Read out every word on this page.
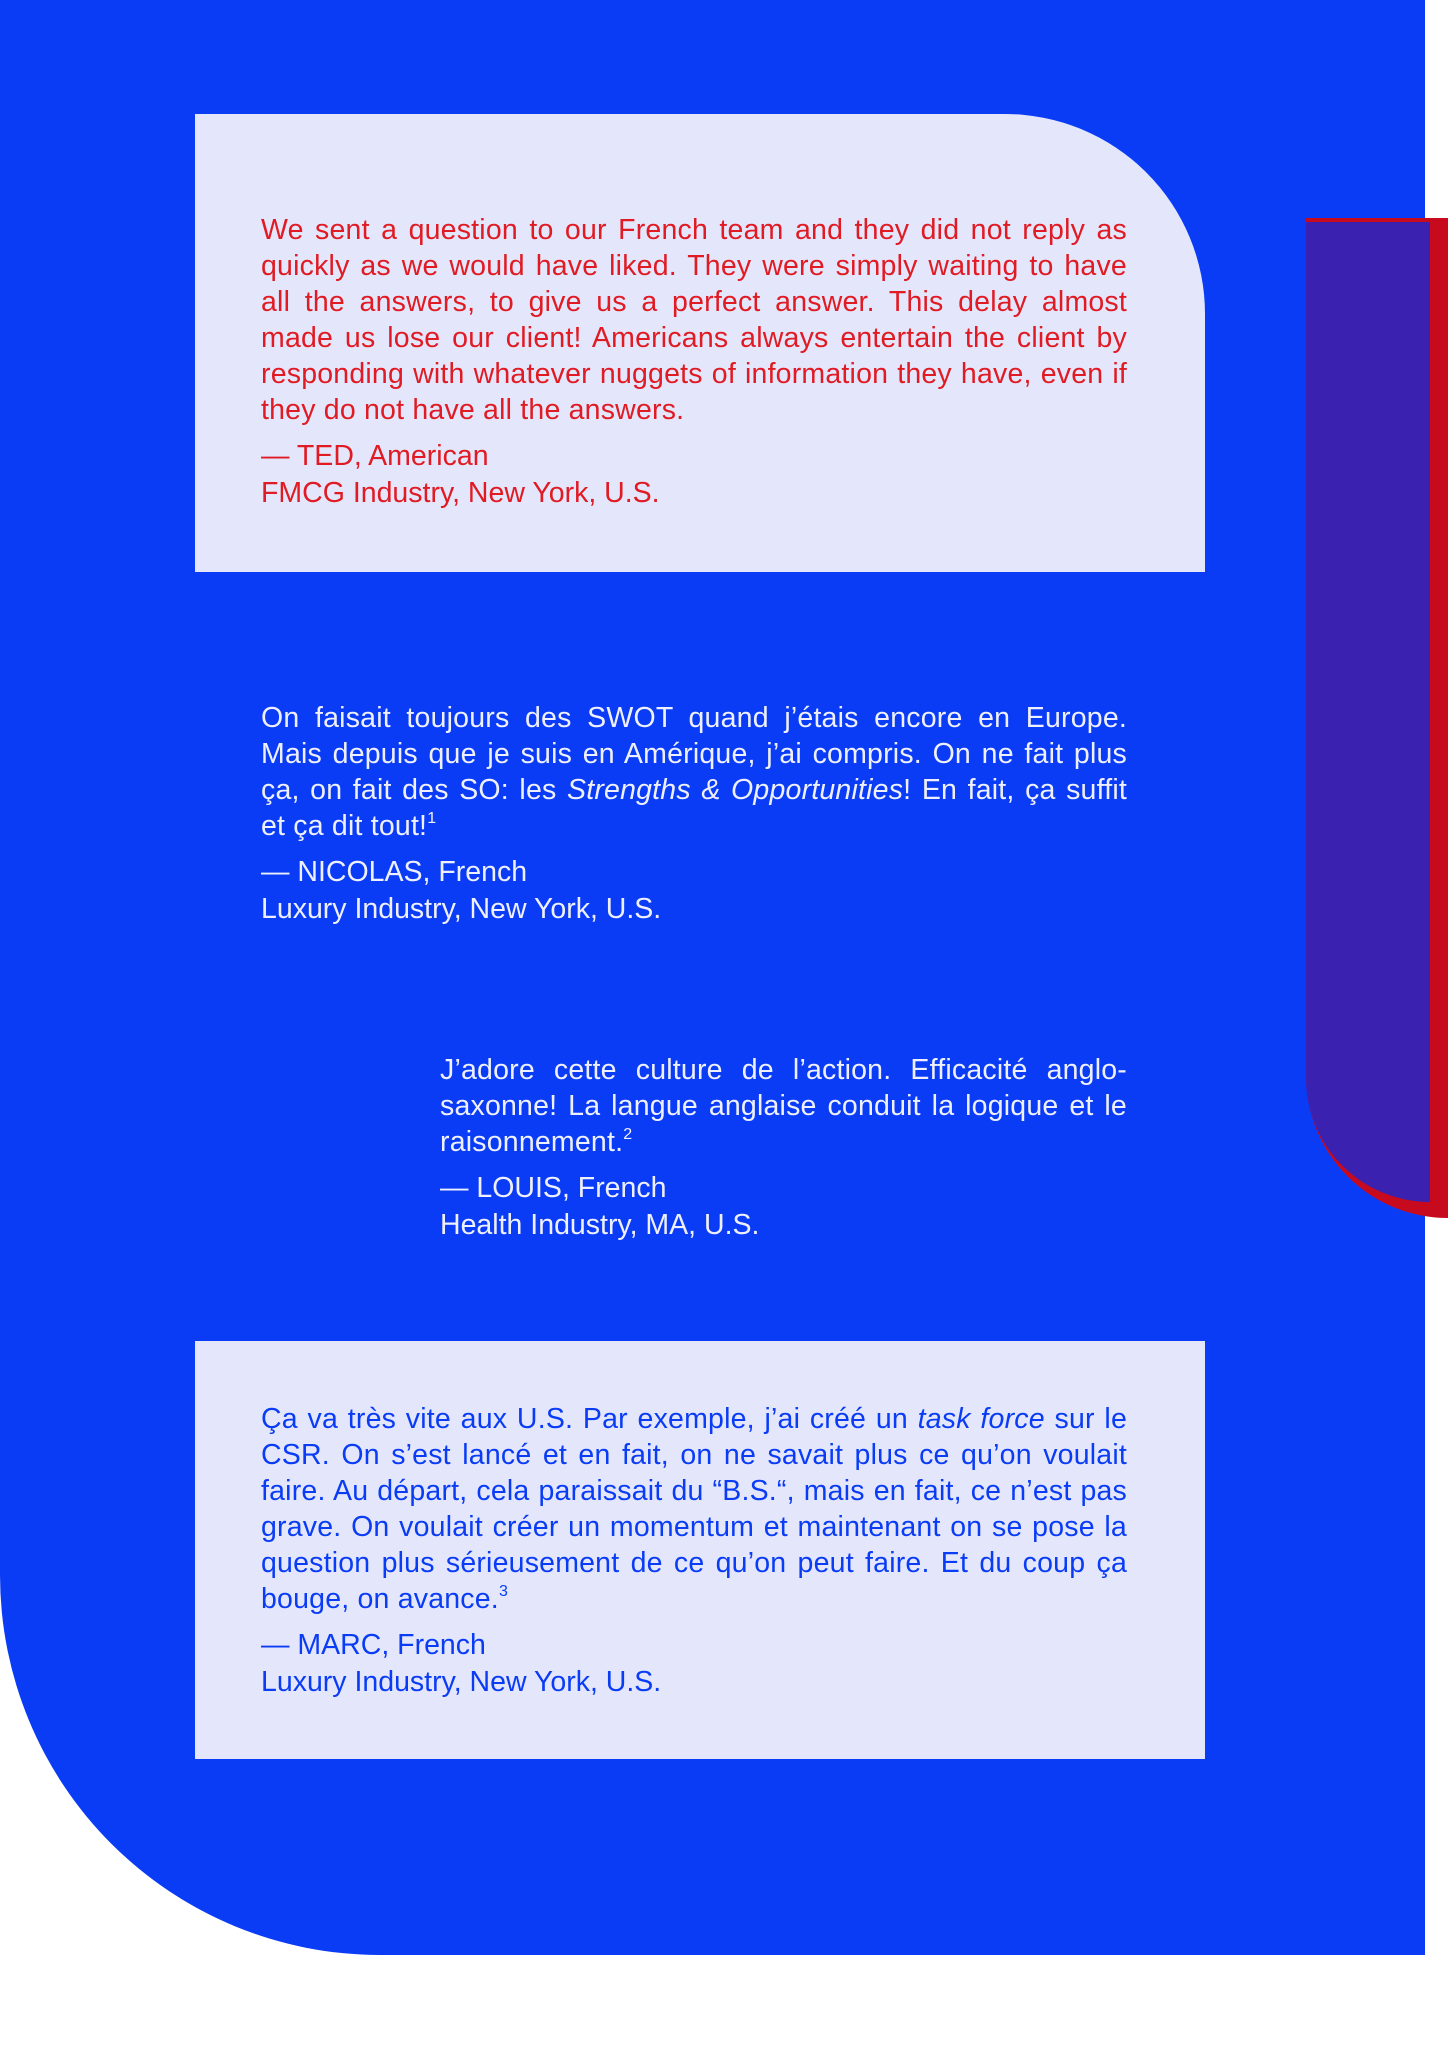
We sent a question to our French team and they did not reply as quickly as we would have liked. They were simply waiting to have all the answers, to give us a perfect answer. This delay almost made us lose our client! Americans always entertain the client by responding with whatever nuggets of information they have, even if they do not have all the answers.

— TED, American
FMCG Industry, New York, U.S.

On faisait toujours des SWOT quand j’étais encore en Europe. Mais depuis que je suis en Amérique, j’ai compris. On ne fait plus ça, on fait des SO: les Strengths & Opportunities! En fait, ça suffit et ça dit tout!$^1$

— NICOLAS, French
Luxury Industry, New York, U.S.

J’adore cette culture de l’action. Efficacité anglo-saxonne! La langue anglaise conduit la logique et le raisonnement.$^2$

— LOUIS, French
Health Industry, MA, U.S.

Ça va très vite aux U.S. Par exemple, j’ai créé un task force sur le CSR. On s’est lancé et en fait, on ne savait plus ce qu’on voulait faire. Au départ, cela paraissait du “B.S.“, mais en fait, ce n’est pas grave. On voulait créer un momentum et maintenant on se pose la question plus sérieusement de ce qu’on peut faire. Et du coup ça bouge, on avance.$^3$

— MARC, French
Luxury Industry, New York, U.S.
